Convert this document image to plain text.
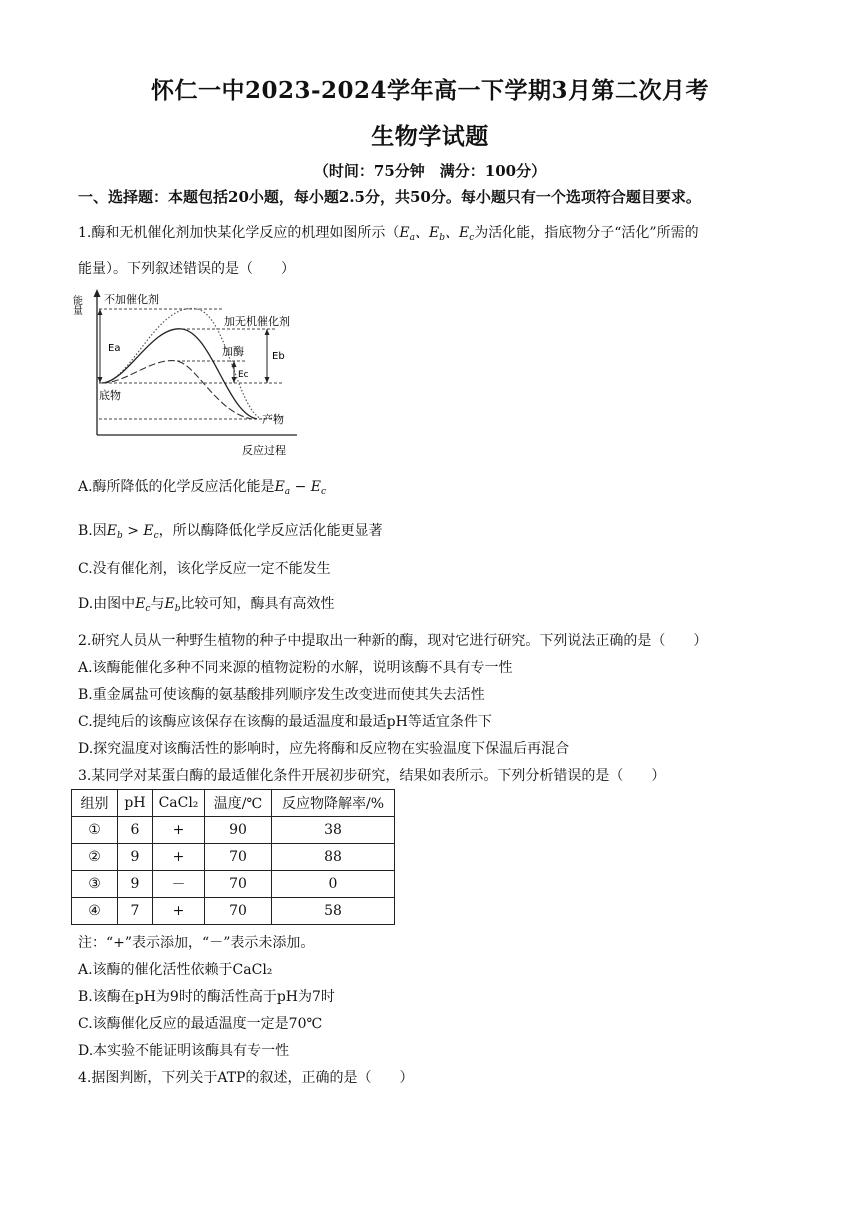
怀仁一中2023-2024学年高一下学期3月第二次月考
生物学试题
（时间：75分钟　满分：100分）
一、选择题：本题包括20小题，每小题2.5分，共50分。每小题只有一个选项符合题目要求。
1.酶和无机催化剂加快某化学反应的机理如图所示（$E_a$、$E_b$、$E_c$为活化能，指底物分子“活化”所需的
能量）。下列叙述错误的是（　　）
能量
反应过程
Ea
Eb
Ec
不加催化剂
加无机催化剂
加酶
底物
产物
A.酶所降低的化学反应活化能是$E_a - E_c$
B.因$E_b > E_c$，所以酶降低化学反应活化能更显著
C.没有催化剂，该化学反应一定不能发生
D.由图中$E_c$与$E_b$比较可知，酶具有高效性
2.研究人员从一种野生植物的种子中提取出一种新的酶，现对它进行研究。下列说法正确的是（　　）
A.该酶能催化多种不同来源的植物淀粉的水解，说明该酶不具有专一性
B.重金属盐可使该酶的氨基酸排列顺序发生改变进而使其失去活性
C.提纯后的该酶应该保存在该酶的最适温度和最适pH等适宜条件下
D.探究温度对该酶活性的影响时，应先将酶和反应物在实验温度下保温后再混合
3.某同学对某蛋白酶的最适催化条件开展初步研究，结果如表所示。下列分析错误的是（　　）
组别	pH	CaCl₂	温度/℃	反应物降解率/%
①	6	+	90	38
②	9	+	70	88
③	9	－	70	0
④	7	+	70	58
注：“+”表示添加，“－”表示未添加。
A.该酶的催化活性依赖于CaCl₂
B.该酶在pH为9时的酶活性高于pH为7时
C.该酶催化反应的最适温度一定是70℃
D.本实验不能证明该酶具有专一性
4.据图判断，下列关于ATP的叙述，正确的是（　　）
